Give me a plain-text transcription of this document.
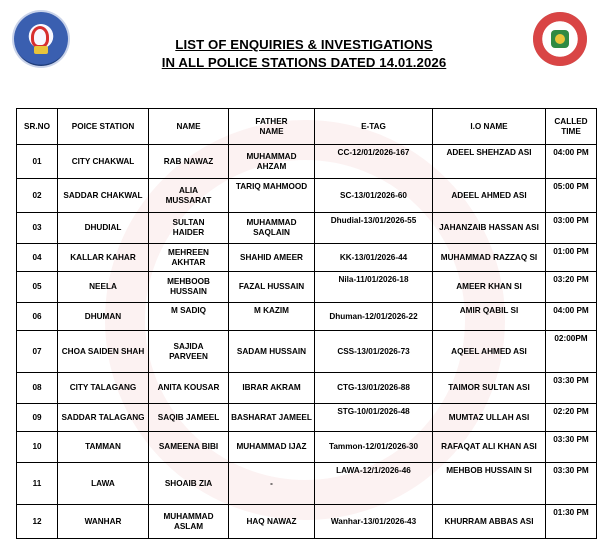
LIST OF ENQUIRIES & INVESTIGATIONS
IN ALL POLICE STATIONS DATED 14.01.2026
SR.NO	POICE STATION	NAME	FATHER
NAME	E-TAG	I.O NAME	CALLED
TIME
01	CITY CHAKWAL	RAB NAWAZ	MUHAMMAD AHZAM	CC-12/01/2026-167	ADEEL SHEHZAD ASI	04:00 PM
02	SADDAR CHAKWAL	ALIA
MUSSARAT	TARIQ MAHMOOD	SC-13/01/2026-60	ADEEL AHMED ASI	05:00 PM
03	DHUDIAL	SULTAN
HAIDER	MUHAMMAD SAQLAIN	Dhudial-13/01/2026-55	JAHANZAIB HASSAN ASI	03:00 PM
04	KALLAR KAHAR	MEHREEN
AKHTAR	SHAHID AMEER	KK-13/01/2026-44	MUHAMMAD RAZZAQ SI	01:00 PM
05	NEELA	MEHBOOB
HUSSAIN	FAZAL HUSSAIN	Nila-11/01/2026-18	AMEER KHAN SI	03:20 PM
06	DHUMAN	M SADIQ	M KAZIM	Dhuman-12/01/2026-22	AMIR QABIL SI	04:00 PM
07	CHOA SAIDEN SHAH	SAJIDA
PARVEEN	SADAM HUSSAIN	CSS-13/01/2026-73	AQEEL AHMED ASI	02:00PM
08	CITY TALAGANG	ANITA KOUSAR	IBRAR AKRAM	CTG-13/01/2026-88	TAIMOR SULTAN ASI	03:30 PM
09	SADDAR TALAGANG	SAQIB JAMEEL	BASHARAT JAMEEL	STG-10/01/2026-48	MUMTAZ ULLAH ASI	02:20 PM
10	TAMMAN	SAMEENA BIBI	MUHAMMAD IJAZ	Tammon-12/01/2026-30	RAFAQAT ALI KHAN ASI	03:30 PM
11	LAWA	SHOAIB ZIA	-	LAWA-12/1/2026-46	MEHBOB HUSSAIN SI	03:30 PM
12	WANHAR	MUHAMMAD
ASLAM	HAQ NAWAZ	Wanhar-13/01/2026-43	KHURRAM ABBAS ASI	01:30 PM
